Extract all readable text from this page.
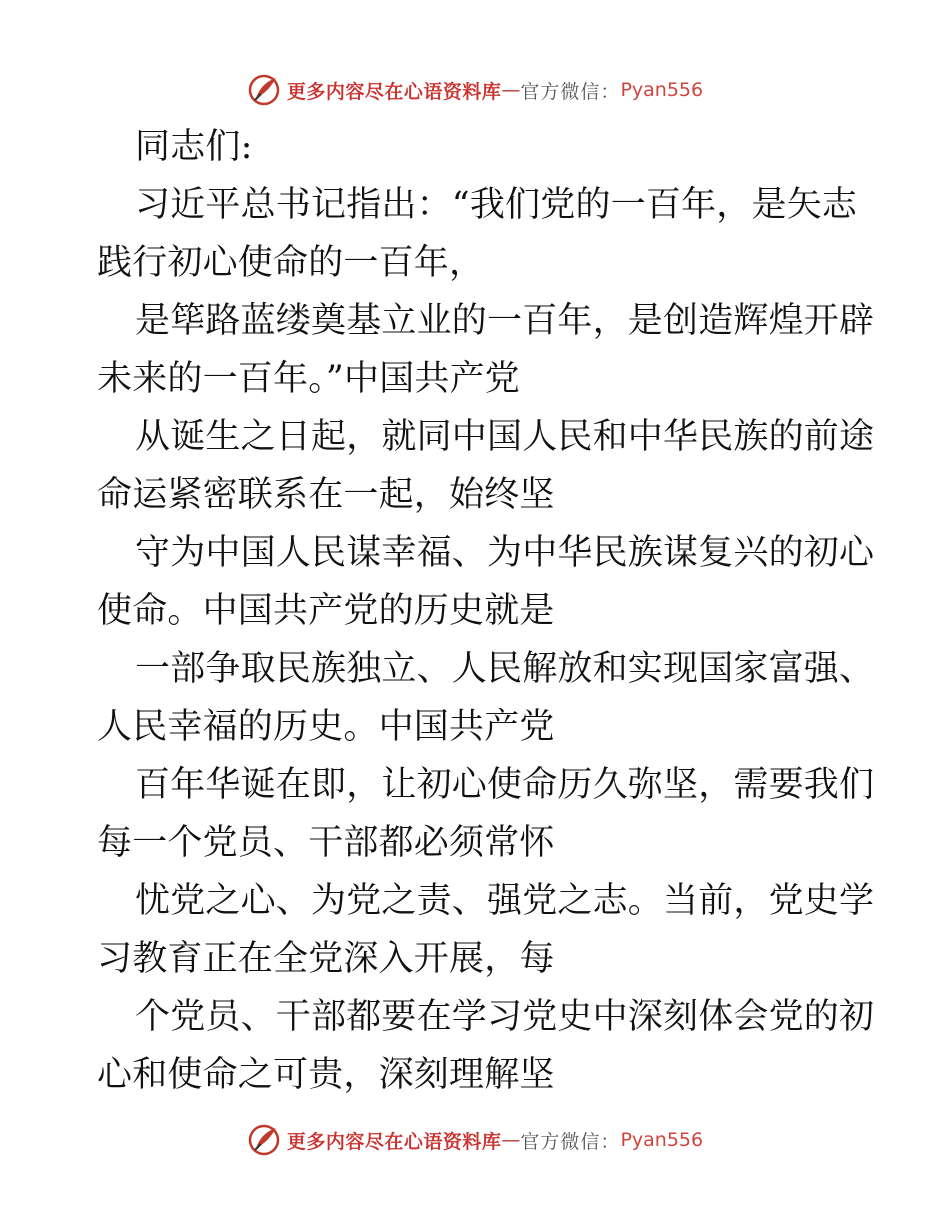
更多内容尽在心语资料库 — 官方微信： Pyan556
同志们:
习近平总书记指出：“我们党的一百年，是矢志
践行初心使命的一百年，
是筚路蓝缕奠基立业的一百年，是创造辉煌开辟
未来的一百年。”中国共产党
从诞生之日起，就同中国人民和中华民族的前途
命运紧密联系在一起，始终坚
守为中国人民谋幸福、为中华民族谋复兴的初心
使命。中国共产党的历史就是
一部争取民族独立、人民解放和实现国家富强、
人民幸福的历史。中国共产党
百年华诞在即，让初心使命历久弥坚，需要我们
每一个党员、干部都必须常怀
忧党之心、为党之责、强党之志。当前，党史学
习教育正在全党深入开展，每
个党员、干部都要在学习党史中深刻体会党的初
心和使命之可贵，深刻理解坚
更多内容尽在心语资料库 — 官方微信： Pyan556
